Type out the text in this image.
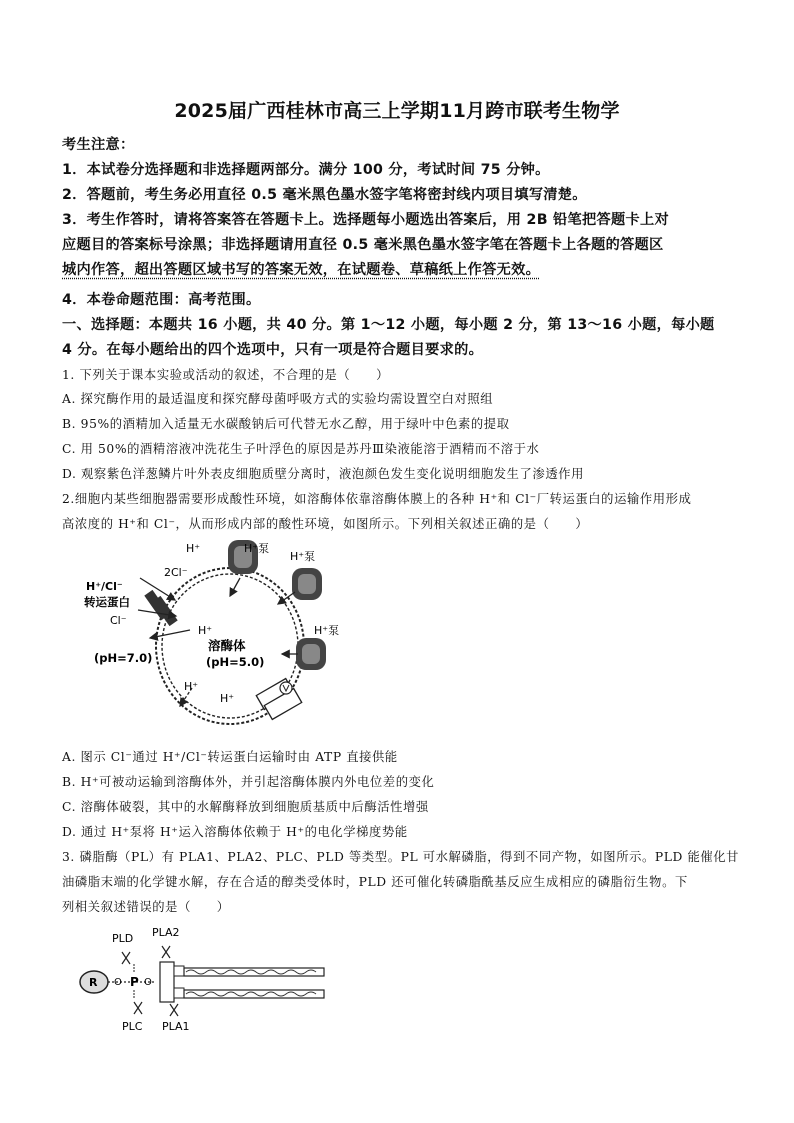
2025届广西桂林市高三上学期11月跨市联考生物学
考生注意：
1．本试卷分选择题和非选择题两部分。满分 100 分，考试时间 75 分钟。
2．答题前，考生务必用直径 0.5 毫米黑色墨水签字笔将密封线内项目填写清楚。
3．考生作答时，请将答案答在答题卡上。选择题每小题选出答案后，用 2B 铅笔把答题卡上对
应题目的答案标号涂黑；非选择题请用直径 0.5 毫米黑色墨水签字笔在答题卡上各题的答题区
城内作答，超出答题区域书写的答案无效，在试题卷、草稿纸上作答无效。
4．本卷命题范围：高考范围。
一、选择题：本题共 16 小题，共 40 分。第 1～12 小题，每小题 2 分，第 13～16 小题，每小题
4 分。在每小题给出的四个选项中，只有一项是符合题目要求的。
1. 下列关于课本实验或活动的叙述，不合理的是（　　）
A. 探究酶作用的最适温度和探究酵母菌呼吸方式的实验均需设置空白对照组
B. 95%的酒精加入适量无水碳酸钠后可代替无水乙醇，用于绿叶中色素的提取
C. 用 50%的酒精溶液冲洗花生子叶浮色的原因是苏丹Ⅲ染液能溶于酒精而不溶于水
D. 观察紫色洋葱鳞片叶外表皮细胞质壁分离时，液泡颜色发生变化说明细胞发生了渗透作用
2.细胞内某些细胞器需要形成酸性环境，如溶酶体依靠溶酶体膜上的各种 H⁺和 Cl⁻厂转运蛋白的运输作用形成
高浓度的 H⁺和 Cl⁻，从而形成内部的酸性环境，如图所示。下列相关叙述正确的是（　　）
H⁺
H⁺泵
2Cl⁻
H⁺/Cl⁻
转运蛋白
Cl⁻
H⁺	H⁺泵
溶酶体
(pH=5.0)
(pH=7.0)
H⁺
H⁺
H⁺泵
A. 图示 Cl⁻通过 H⁺/Cl⁻转运蛋白运输时由 ATP 直接供能
B. H⁺可被动运输到溶酶体外，并引起溶酶体膜内外电位差的变化
C. 溶酶体破裂，其中的水解酶释放到细胞质基质中后酶活性增强
D. 通过 H⁺泵将 H⁺运入溶酶体依赖于 H⁺的电化学梯度势能
3. 磷脂酶（PL）有 PLA1、PLA2、PLC、PLD 等类型。PL 可水解磷脂，得到不同产物，如图所示。PLD 能催化甘
油磷脂末端的化学键水解，存在合适的醇类受体时，PLD 还可催化转磷脂酰基反应生成相应的磷脂衍生物。下
列相关叙述错误的是（　　）
R O P O
PLD PLA2
PLC PLA1
